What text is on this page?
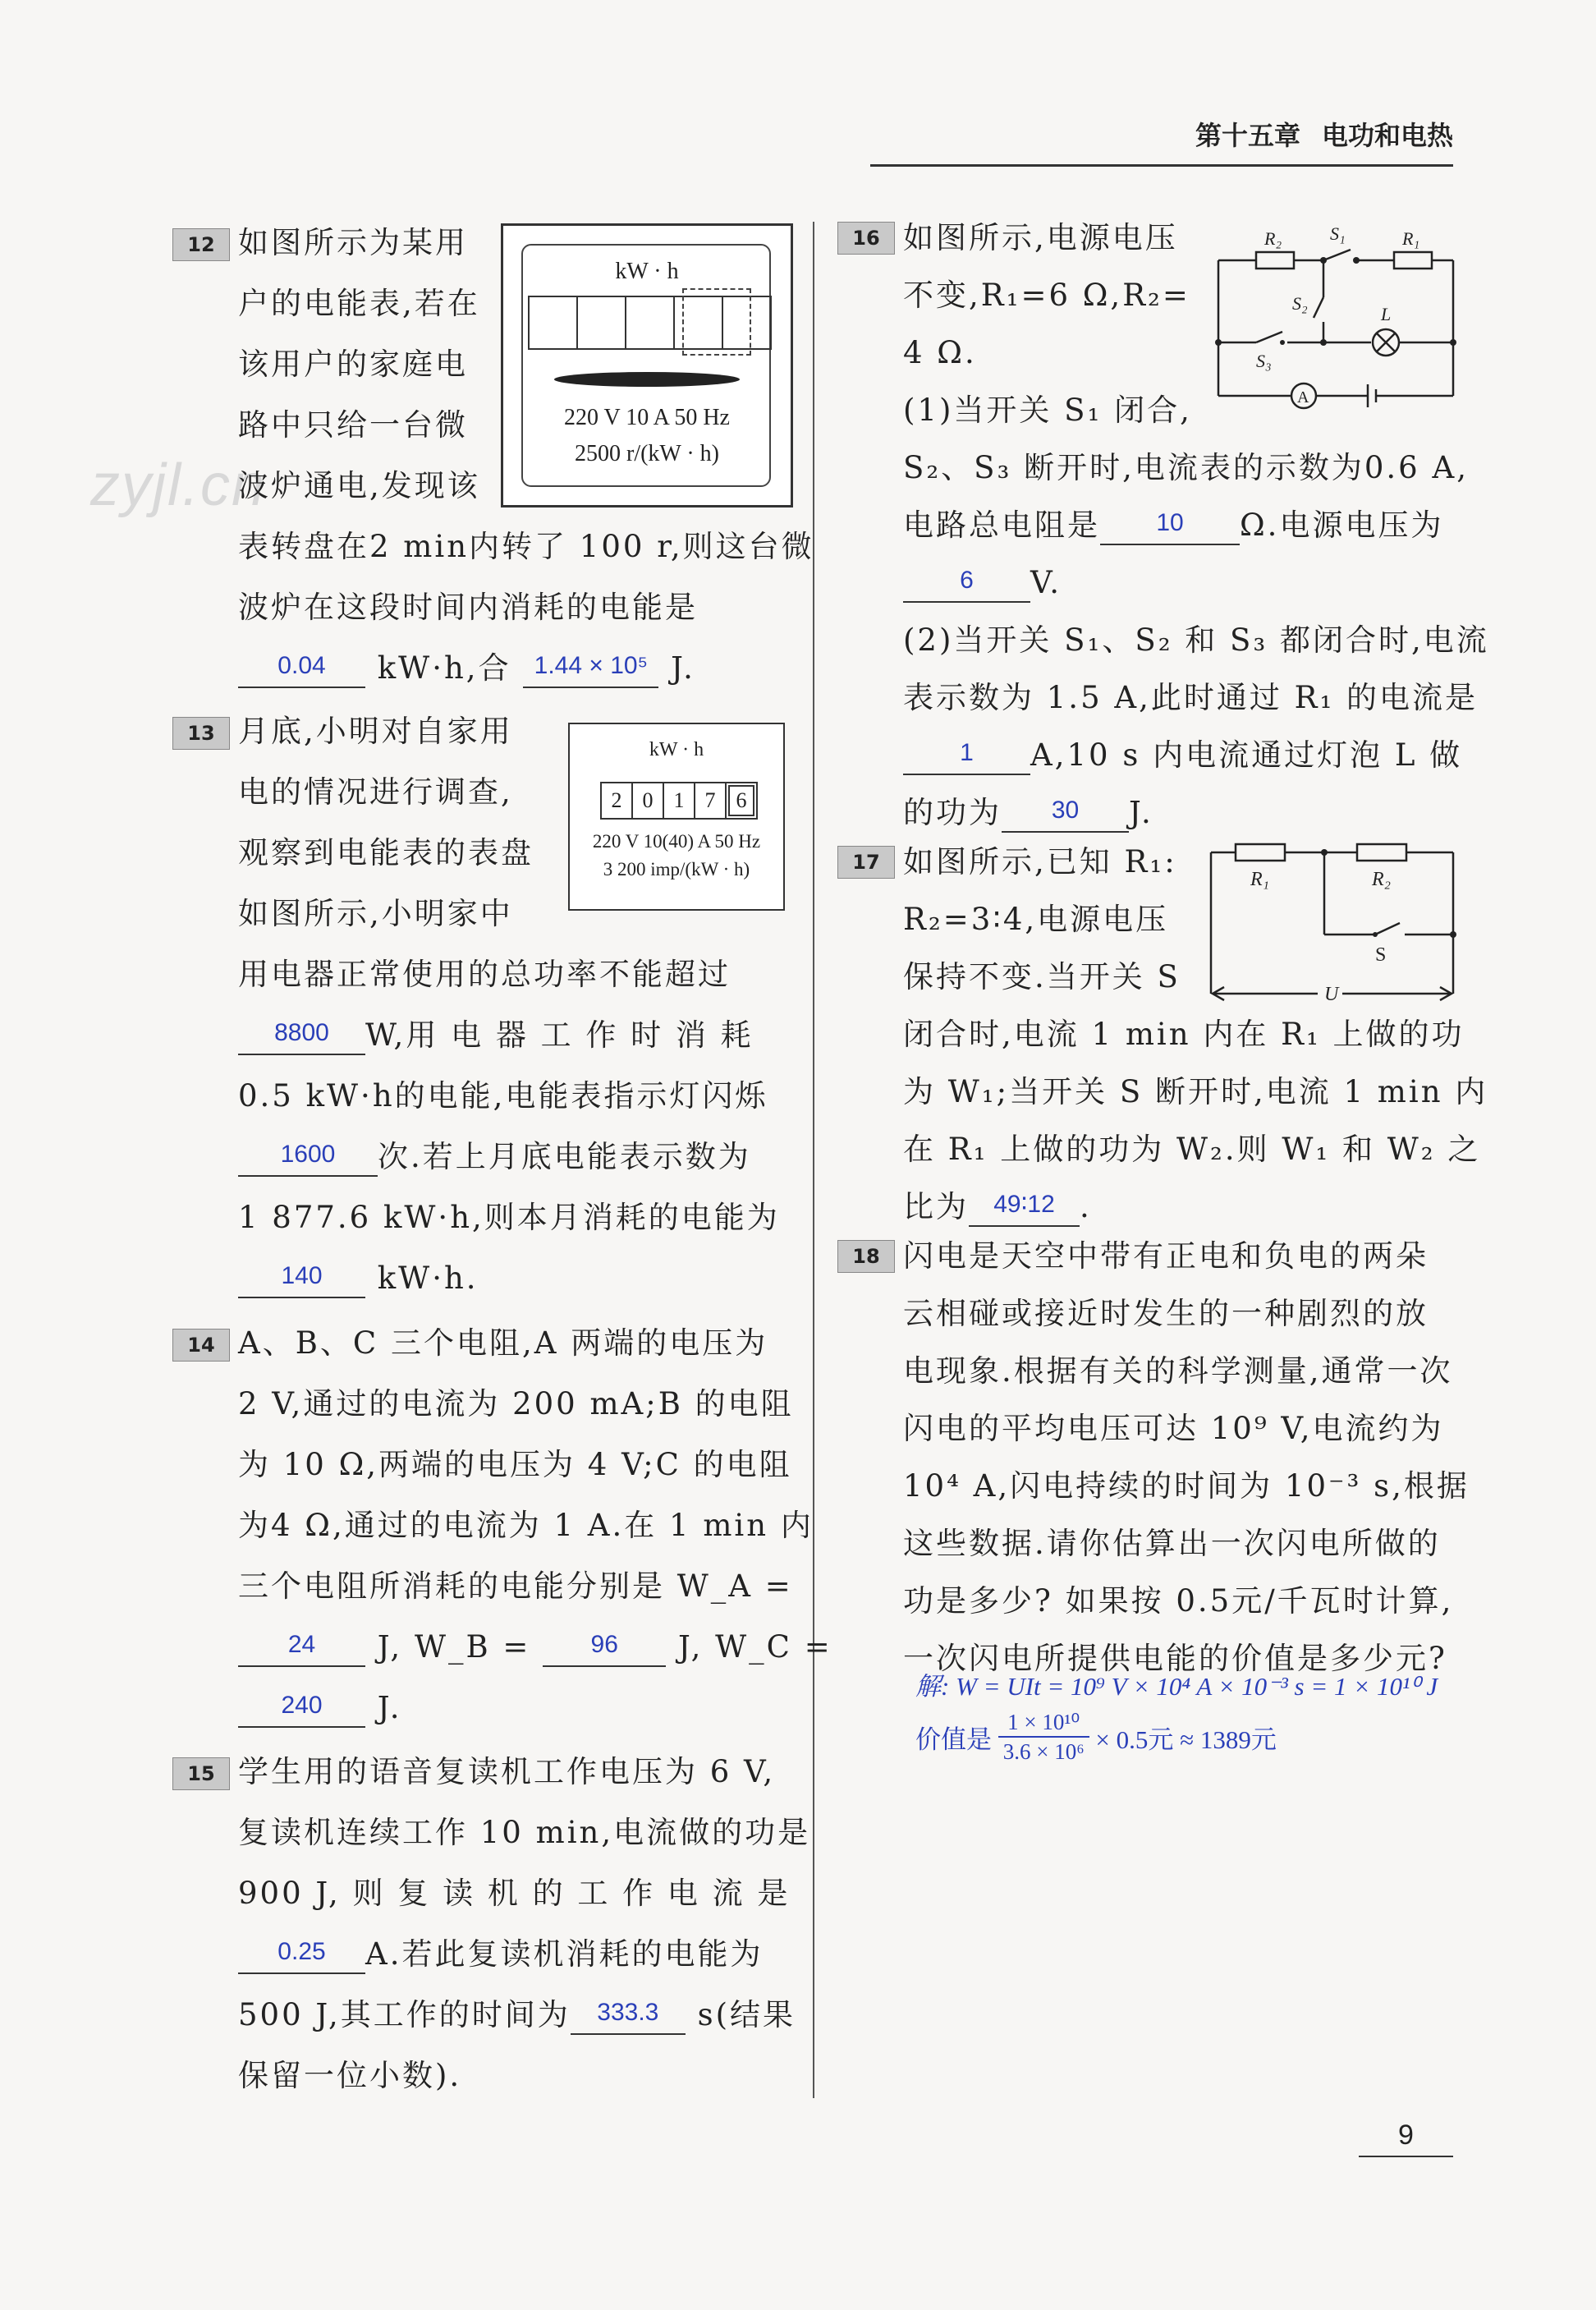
第十五章 电功和电热
zyjl.cn
12 如图所示为某用
户的电能表,若在
该用户的家庭电
路中只给一台微
波炉通电,发现该
表转盘在2 min内转了 100 r,则这台微
波炉在这段时间内消耗的电能是
0.04 kW·h,合 1.44 × 10⁵ J.
kW · h
220 V 10 A 50 Hz
2500 r/(kW · h)
13 月底,小明对自家用
电的情况进行调查,
观察到电能表的表盘
如图所示,小明家中
用电器正常使用的总功率不能超过
8800 W,用 电 器 工 作 时 消 耗
0.5 kW·h的电能,电能表指示灯闪烁
1600 次.若上月底电能表示数为
1 877.6 kW·h,则本月消耗的电能为
140 kW·h.
kW · h
2 0 1 7 6
220 V 10(40) A 50 Hz
3 200 imp/(kW · h)
14 A、B、C 三个电阻,A 两端的电压为
2 V,通过的电流为 200 mA;B 的电阻
为 10 Ω,两端的电压为 4 V;C 的电阻
为4 Ω,通过的电流为 1 A.在 1 min 内
三个电阻所消耗的电能分别是 W_A =
24 J, W_B = 96 J, W_C =
240 J.
15 学生用的语音复读机工作电压为 6 V,
复读机连续工作 10 min,电流做的功是
900 J, 则 复 读 机 的 工 作 电 流 是
0.25 A.若此复读机消耗的电能为
500 J,其工作的时间为 333.3 s(结果
保留一位小数).
16 如图所示,电源电压
不变,R₁=6 Ω,R₂=
4 Ω.
(1)当开关 S₁ 闭合,
S₂、S₃ 断开时,电流表的示数为0.6 A,
电路总电阻是 10 Ω.电源电压为
6 V.
(2)当开关 S₁、S₂ 和 S₃ 都闭合时,电流
表示数为 1.5 A,此时通过 R₁ 的电流是
1 A,10 s 内电流通过灯泡 L 做
的功为 30 J.
R₂	S₁	R₁
S₂
L
S₃
A
17 如图所示,已知 R₁:
R₂=3∶4,电源电压
保持不变.当开关 S
闭合时,电流 1 min 内在 R₁ 上做的功
为 W₁;当开关 S 断开时,电流 1 min 内
在 R₁ 上做的功为 W₂.则 W₁ 和 W₂ 之
比为 49∶12 .
R₁	R₂
S
U
18 闪电是天空中带有正电和负电的两朵
云相碰或接近时发生的一种剧烈的放
电现象.根据有关的科学测量,通常一次
闪电的平均电压可达 10⁹ V,电流约为
10⁴ A,闪电持续的时间为 10⁻³ s,根据
这些数据.请你估算出一次闪电所做的
功是多少? 如果按 0.5元/千瓦时计算,
一次闪电所提供电能的价值是多少元?
解: W = UIt = 10⁹ V × 10⁴ A × 10⁻³ s = 1 × 10¹⁰ J
价值是 $\frac{\text{1 × 10¹⁰}}{\text{3.6 × 10⁶}} \times 0.5$元 ≈ 1389元
9
